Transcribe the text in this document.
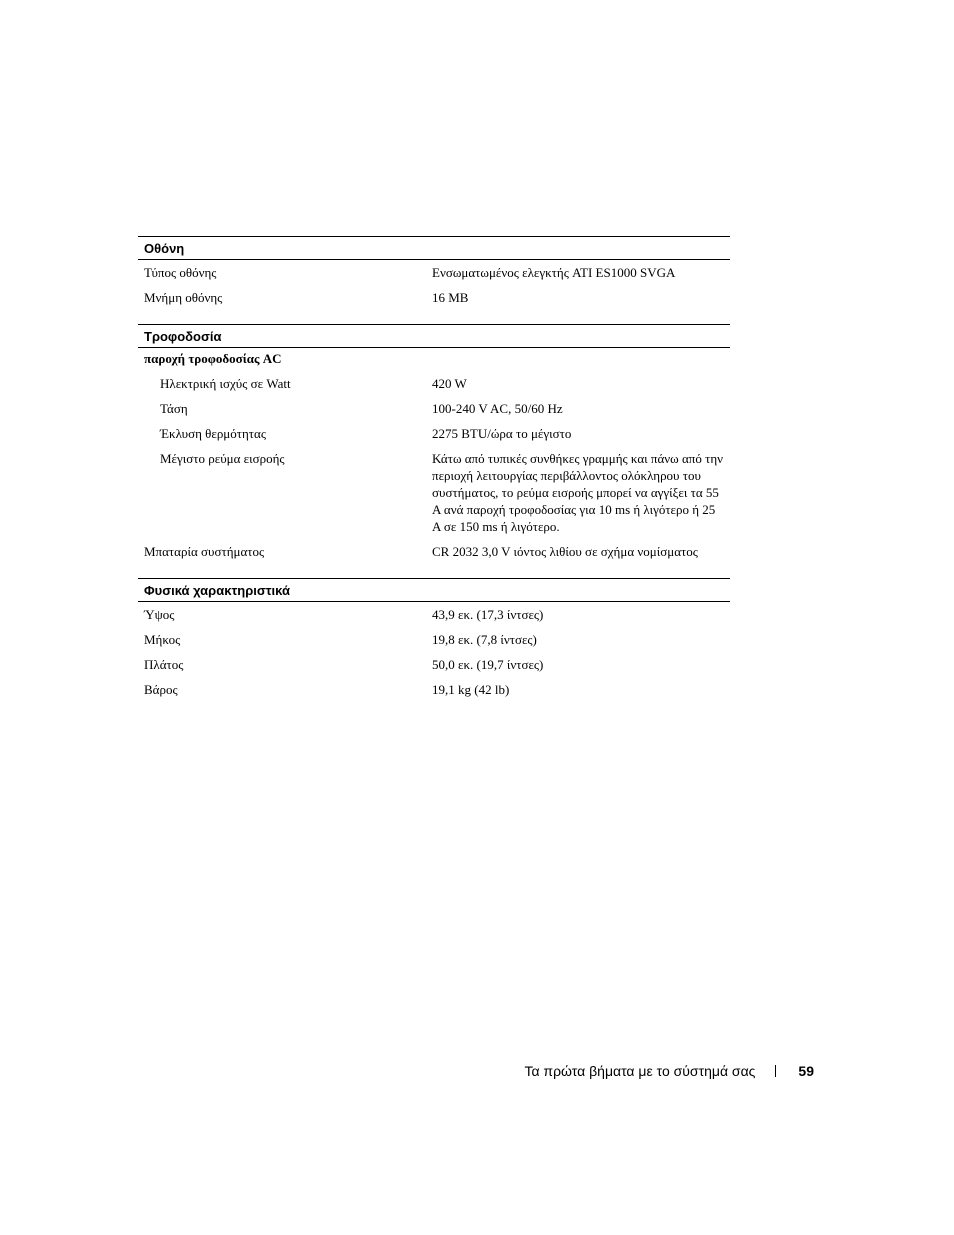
Οθόνη
Τύπος οθόνης	Ενσωματωμένος ελεγκτής ATI ES1000 SVGA
Μνήμη οθόνης	16 MB
Τροφοδοσία
παροχή τροφοδοσίας AC
Ηλεκτρική ισχύς σε Watt	420 W
Τάση	100-240 V AC, 50/60 Hz
Έκλυση θερμότητας	2275 BTU/ώρα το μέγιστο
Μέγιστο ρεύμα εισροής	Κάτω από τυπικές συνθήκες γραμμής και πάνω από την περιοχή λειτουργίας περιβάλλοντος ολόκληρου του συστήματος, το ρεύμα εισροής μπορεί να αγγίξει τα 55 A ανά παροχή τροφοδοσίας για 10 ms ή λιγότερο ή 25 A σε 150 ms ή λιγότερο.
Μπαταρία συστήματος	CR 2032 3,0 V ιόντος λιθίου σε σχήμα νομίσματος
Φυσικά χαρακτηριστικά
Ύψος	43,9 εκ. (17,3 ίντσες)
Μήκος	19,8 εκ. (7,8 ίντσες)
Πλάτος	50,0 εκ. (19,7 ίντσες)
Βάρος	19,1 kg (42 lb)
Τα πρώτα βήματα με το σύστημά σας	59
